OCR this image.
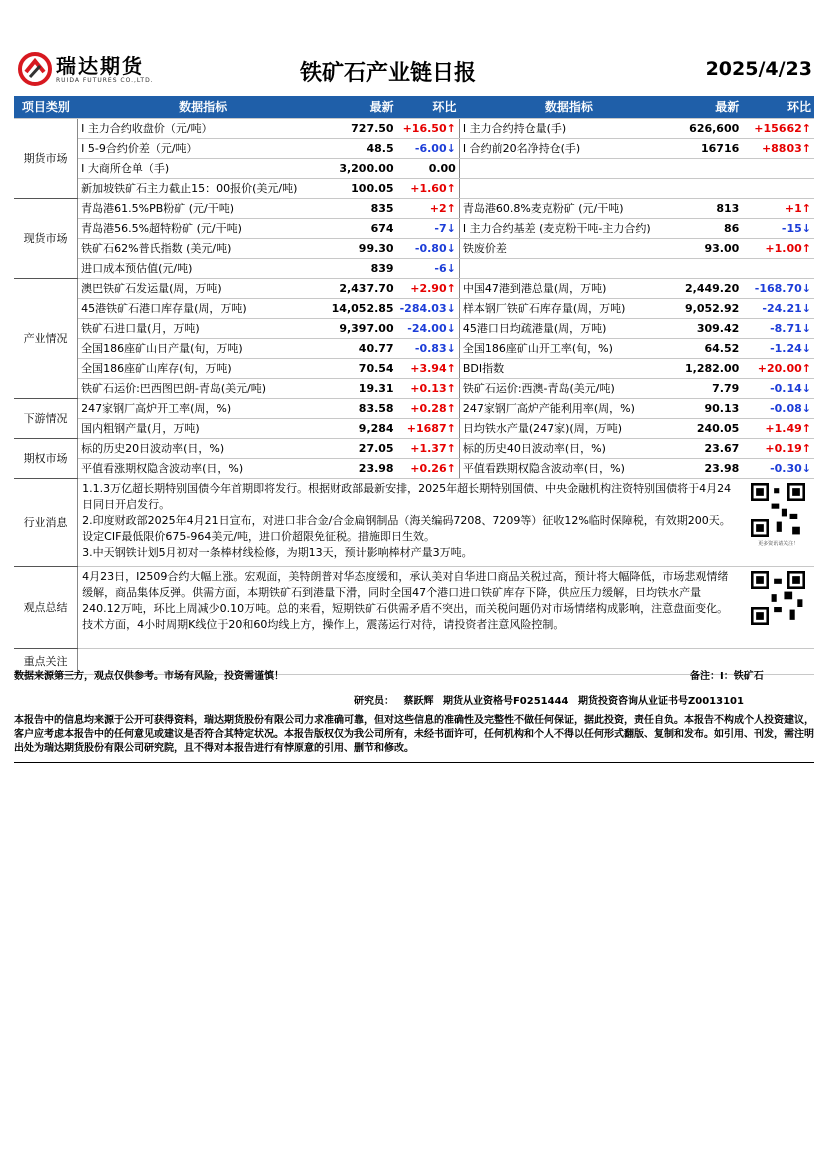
瑞达期货
RUIDA FUTURES CO.,LTD.	铁矿石产业链日报	2025/4/23
项目类别	数据指标	最新	环比	数据指标	最新	环比
期货市场	I 主力合约收盘价（元/吨）	727.50	+16.50↑	I 主力合约持仓量(手)	626,600	+15662↑
	I 5-9合约价差（元/吨）	48.5	-6.00↓	I 合约前20名净持仓(手)	16716	+8803↑
	I 大商所仓单（手)	3,200.00	0.00			
	新加坡铁矿石主力截止15：00报价(美元/吨)	100.05	+1.60↑			
现货市场	青岛港61.5%PB粉矿 (元/干吨)	835	+2↑	青岛港60.8%麦克粉矿 (元/干吨)	813	+1↑
	青岛港56.5%超特粉矿 (元/干吨)	674	-7↓	I 主力合约基差 (麦克粉干吨-主力合约)	86	-15↓
	铁矿石62%普氏指数 (美元/吨)	99.30	-0.80↓	铁废价差	93.00	+1.00↑
	进口成本预估值(元/吨)	839	-6↓			
产业情况	澳巴铁矿石发运量(周，万吨)	2,437.70	+2.90↑	中国47港到港总量(周，万吨)	2,449.20	-168.70↓
	45港铁矿石港口库存量(周，万吨)	14,052.85	-284.03↓	样本钢厂铁矿石库存量(周，万吨)	9,052.92	-24.21↓
	铁矿石进口量(月，万吨)	9,397.00	-24.00↓	45港口日均疏港量(周，万吨)	309.42	-8.71↓
	全国186座矿山日产量(旬，万吨)	40.77	-0.83↓	全国186座矿山开工率(旬，%)	64.52	-1.24↓
	全国186座矿山库存(旬，万吨)	70.54	+3.94↑	BDI指数	1,282.00	+20.00↑
	铁矿石运价:巴西图巴朗-青岛(美元/吨)	19.31	+0.13↑	铁矿石运价:西澳-青岛(美元/吨)	7.79	-0.14↓
下游情况	247家钢厂高炉开工率(周，%)	83.58	+0.28↑	247家钢厂高炉产能利用率(周，%)	90.13	-0.08↓
	国内粗钢产量(月，万吨)	9,284	+1687↑	日均铁水产量(247家)(周，万吨)	240.05	+1.49↑
期权市场	标的历史20日波动率(日，%)	27.05	+1.37↑	标的历史40日波动率(日，%)	23.67	+0.19↑
	平值看涨期权隐含波动率(日，%)	23.98	+0.26↑	平值看跌期权隐含波动率(日，%)	23.98	-0.30↓
行业消息	1.1.3万亿超长期特别国债今年首期即将发行。根据财政部最新安排，2025年超长期特别国债、中央金融机构注资特别国债将于4月24日同日开启发行。
2.印度财政部2025年4月21日宣布，对进口非合金/合金扁钢制品（海关编码7208、7209等）征收12%临时保障税，有效期200天。设定CIF最低限价675-964美元/吨，进口价超限免征税。措施即日生效。
3.中天钢铁计划5月初对一条棒材线检修，为期13天，预计影响棒材产量3万吨。					更多资讯请关注！

观点总结	4月23日，I2509合约大幅上涨。宏观面，美特朗普对华态度缓和，承认美对自华进口商品关税过高，预计将大幅降低，市场悲观情绪缓解，商品集体反弹。供需方面，本期铁矿石到港量下滑，同时全国47个港口进口铁矿库存下降，供应压力缓解，日均铁水产量240.12万吨，环比上周减少0.10万吨。总的来看，短期铁矿石供需矛盾不突出，而关税问题仍对市场情绪构成影响，注意盘面变化。技术方面，4小时周期K线位于20和60均线上方，操作上，震荡运行对待，请投资者注意风险控制。	
重点关注						
数据来源第三方，观点仅供参考。市场有风险，投资需谨慎！	备注：I：铁矿石
研究员： 蔡跃辉 期货从业资格号F0251444 期货投资咨询从业证书号Z0013101
本报告中的信息均来源于公开可获得资料，瑞达期货股份有限公司力求准确可靠，但对这些信息的准确性及完整性不做任何保证，据此投资，责任自负。本报告不构成个人投资建议，客户应考虑本报告中的任何意见或建议是否符合其特定状况。本报告版权仅为我公司所有，未经书面许可，任何机构和个人不得以任何形式翻版、复制和发布。如引用、刊发，需注明出处为瑞达期货股份有限公司研究院，且不得对本报告进行有悖原意的引用、删节和修改。
